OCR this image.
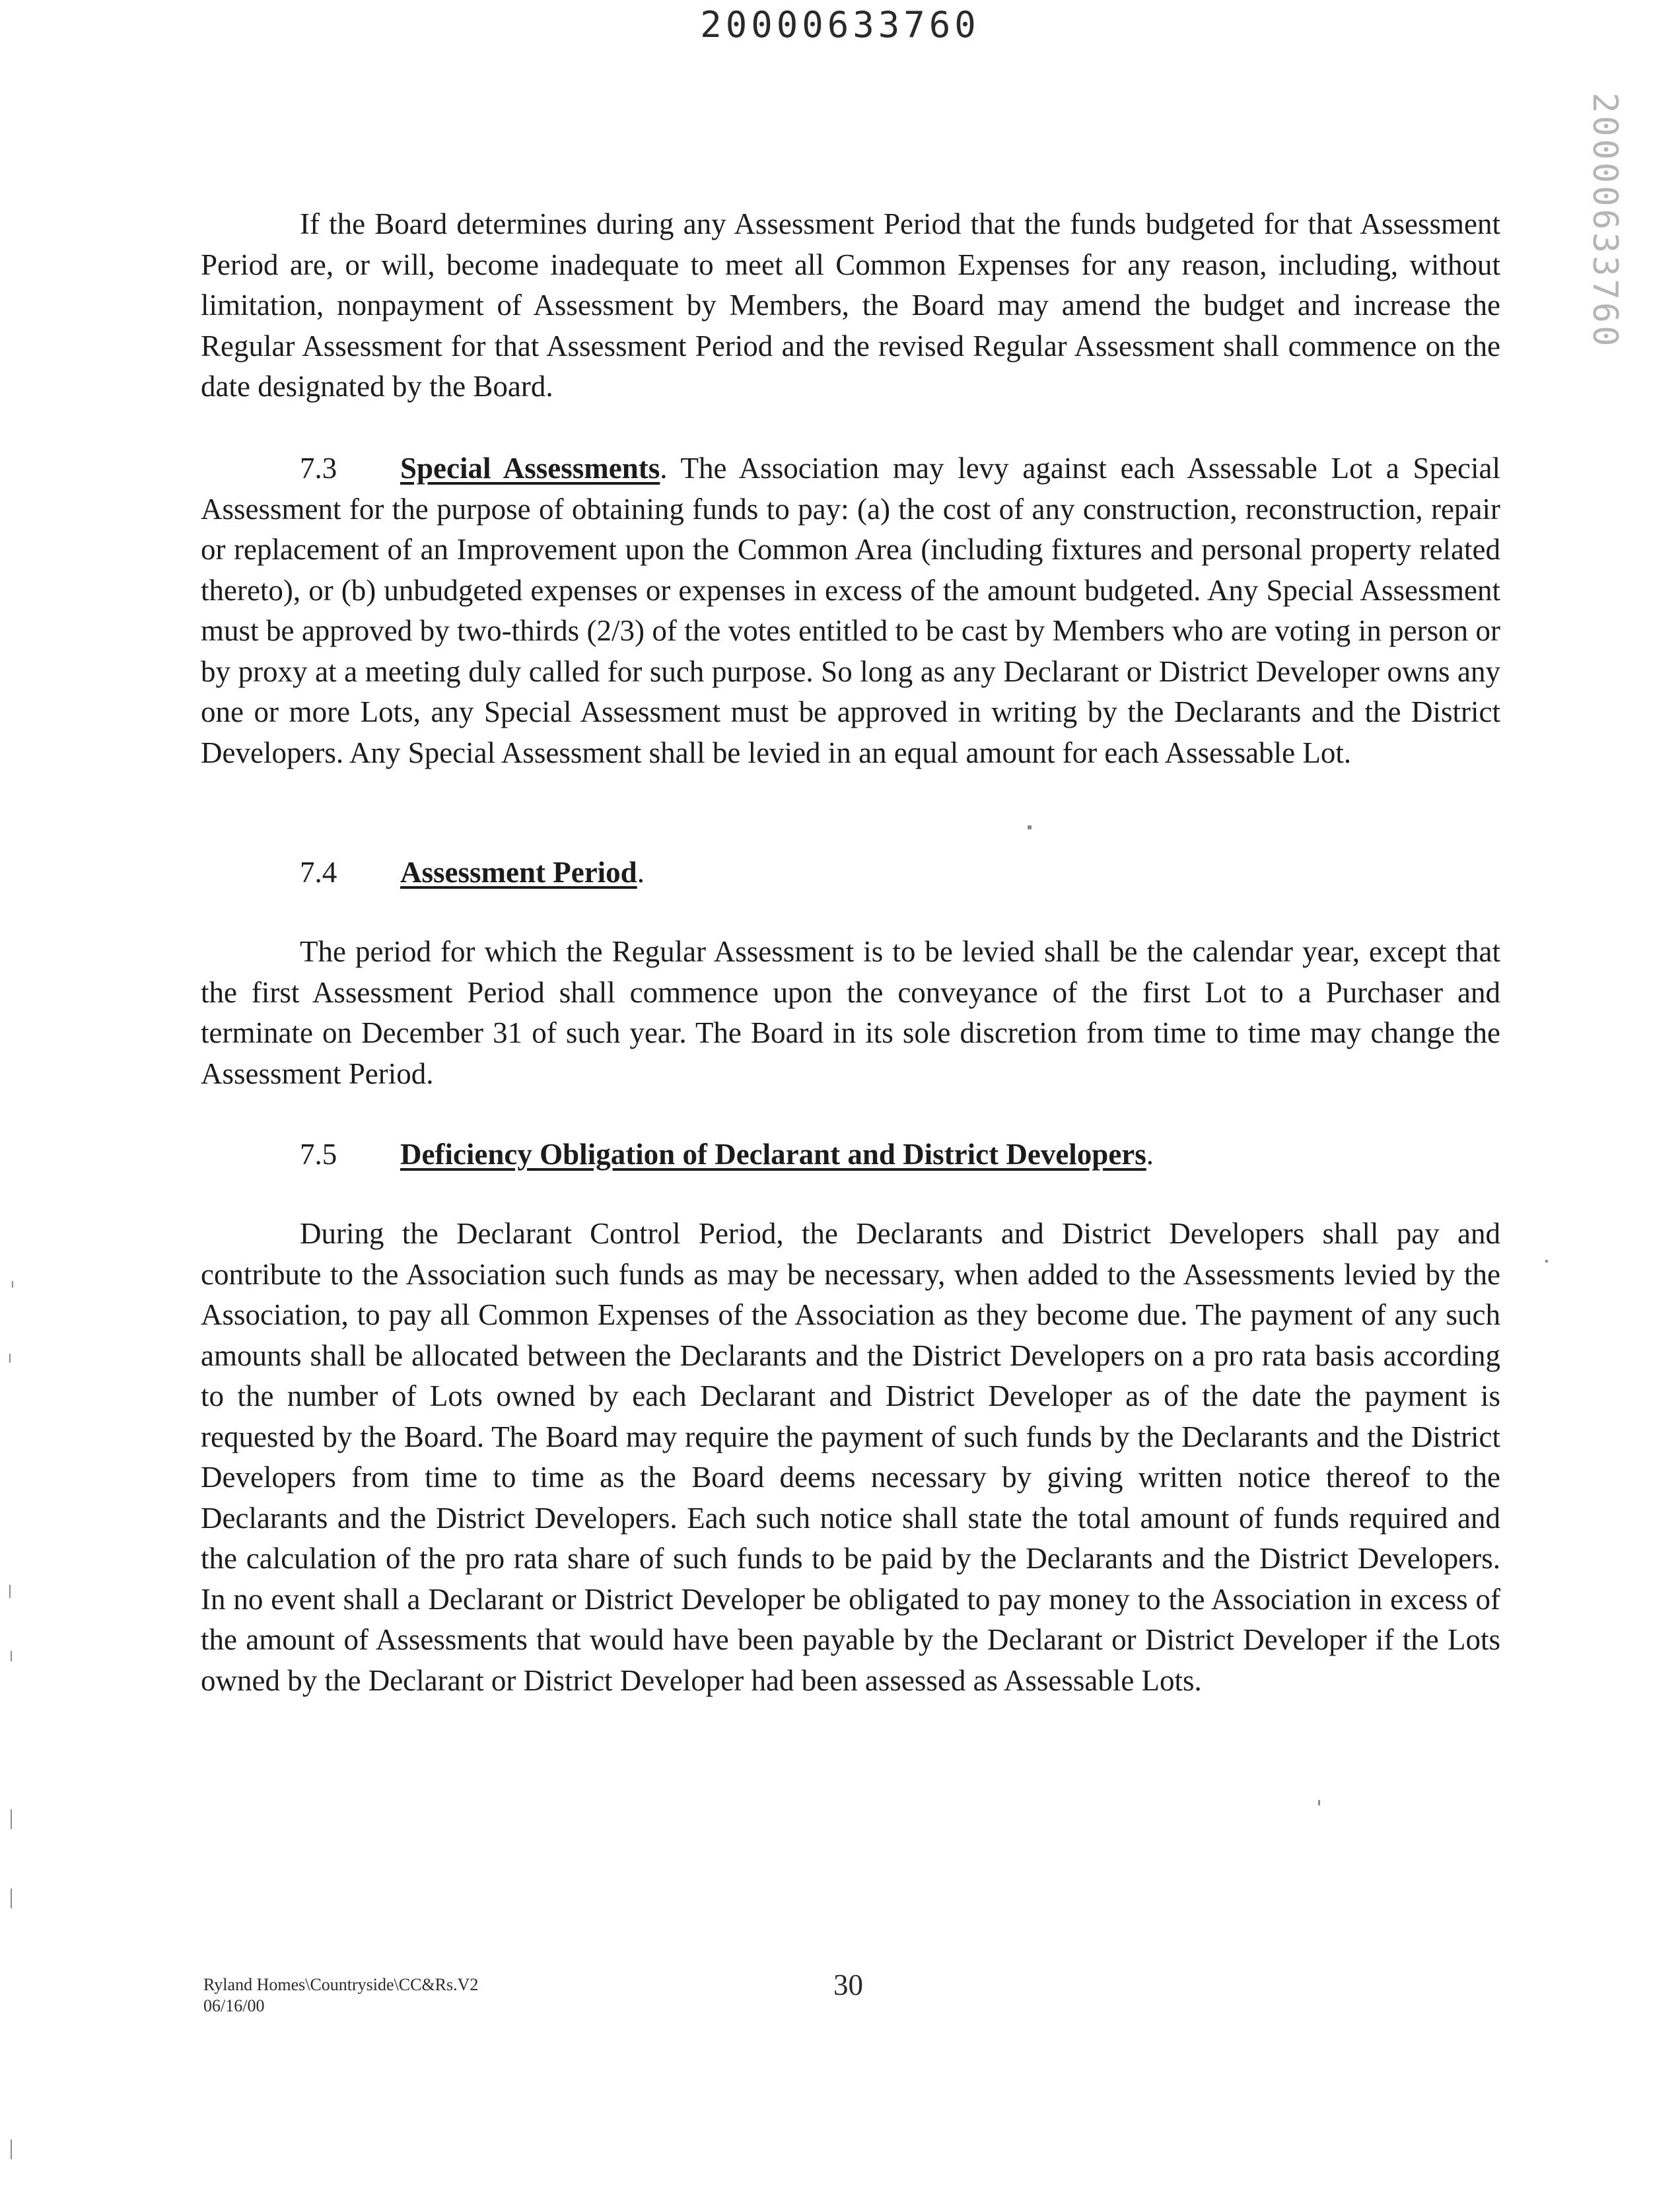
20000633760
20000633760

If the Board determines during any Assessment Period that the funds budgeted for that Assessment Period are, or will, become inadequate to meet all Common Expenses for any reason, including, without limitation, nonpayment of Assessment by Members, the Board may amend the budget and increase the Regular Assessment for that Assessment Period and the revised Regular Assessment shall commence on the date designated by the Board.

7.3 Special Assessments. The Association may levy against each Assessable Lot a Special Assessment for the purpose of obtaining funds to pay: (a) the cost of any construction, reconstruction, repair or replacement of an Improvement upon the Common Area (including fixtures and personal property related thereto), or (b) unbudgeted expenses or expenses in excess of the amount budgeted. Any Special Assessment must be approved by two-thirds (2/3) of the votes entitled to be cast by Members who are voting in person or by proxy at a meeting duly called for such purpose. So long as any Declarant or District Developer owns any one or more Lots, any Special Assessment must be approved in writing by the Declarants and the District Developers. Any Special Assessment shall be levied in an equal amount for each Assessable Lot.

7.4 Assessment Period.

The period for which the Regular Assessment is to be levied shall be the calendar year, except that the first Assessment Period shall commence upon the conveyance of the first Lot to a Purchaser and terminate on December 31 of such year. The Board in its sole discretion from time to time may change the Assessment Period.

7.5 Deficiency Obligation of Declarant and District Developers.

During the Declarant Control Period, the Declarants and District Developers shall pay and contribute to the Association such funds as may be necessary, when added to the Assessments levied by the Association, to pay all Common Expenses of the Association as they become due. The payment of any such amounts shall be allocated between the Declarants and the District Developers on a pro rata basis according to the number of Lots owned by each Declarant and District Developer as of the date the payment is requested by the Board. The Board may require the payment of such funds by the Declarants and the District Developers from time to time as the Board deems necessary by giving written notice thereof to the Declarants and the District Developers. Each such notice shall state the total amount of funds required and the calculation of the pro rata share of such funds to be paid by the Declarants and the District Developers. In no event shall a Declarant or District Developer be obligated to pay money to the Association in excess of the amount of Assessments that would have been payable by the Declarant or District Developer if the Lots owned by the Declarant or District Developer had been assessed as Assessable Lots.

Ryland Homes\Countryside\CC&Rs.V2
06/16/00
30
